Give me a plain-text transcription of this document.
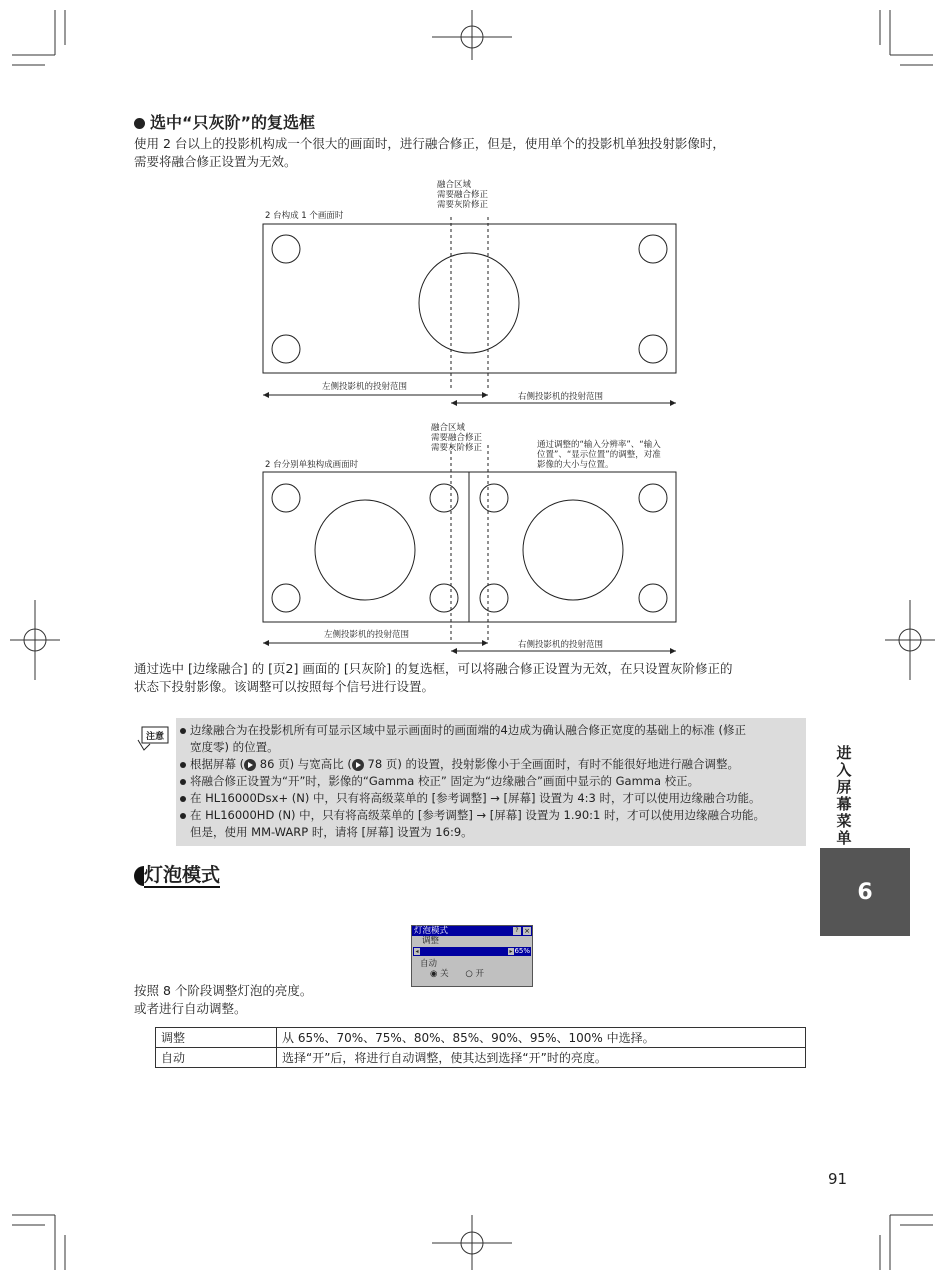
选中“只灰阶”的复选框
使用 2 台以上的投影机构成一个很大的画面时，进行融合修正，但是，使用单个的投影机单独投射影像时，
需要将融合修正设置为无效。
融合区域
需要融合修正
需要灰阶修正
2 台构成 1 个画面时
左侧投影机的投射范围
右侧投影机的投射范围
融合区域
需要融合修正
需要灰阶修正	通过调整的“输入分辨率”、“输入
位置”、“显示位置”的调整，对准
影像的大小与位置。
2 台分别单独构成画面时
左侧投影机的投射范围
右侧投影机的投射范围
通过选中 [边缘融合] 的 [页2] 画面的 [只灰阶] 的复选框，可以将融合修正设置为无效，在只设置灰阶修正的
状态下投射影像。该调整可以按照每个信号进行设置。
注意	边缘融合为在投影机所有可显示区域中显示画面时的画面端的4边成为确认融合修正宽度的基础上的标准 (修正
宽度零) 的位置。
根据屏幕 ( 86 页) 与宽高比 ( 78 页) 的设置，投射影像小于全画面时，有时不能很好地进行融合调整。
将融合修正设置为“开”时，影像的“Gamma 校正” 固定为“边缘融合”画面中显示的 Gamma 校正。
在 HL16000Dsx+ (N) 中，只有将高级菜单的 [参考调整] → [屏幕] 设置为 4:3 时，才可以使用边缘融合功能。
在 HL16000HD (N) 中，只有将高级菜单的 [参考调整] → [屏幕] 设置为 1.90:1 时，才可以使用边缘融合功能。
但是，使用 MM-WARP 时，请将 [屏幕] 设置为 16:9。
灯泡模式
灯泡模式	? ×
调整
◂	▸ 65%
自动
◉ 关 ○ 开
按照 8 个阶段调整灯泡的亮度。
或者进行自动调整。
调整	从 65%、70%、75%、80%、85%、90%、95%、100% 中选择。
自动	选择“开”后，将进行自动调整，使其达到选择“开”时的亮度。
进
入
屏
幕
菜
单
6
91
